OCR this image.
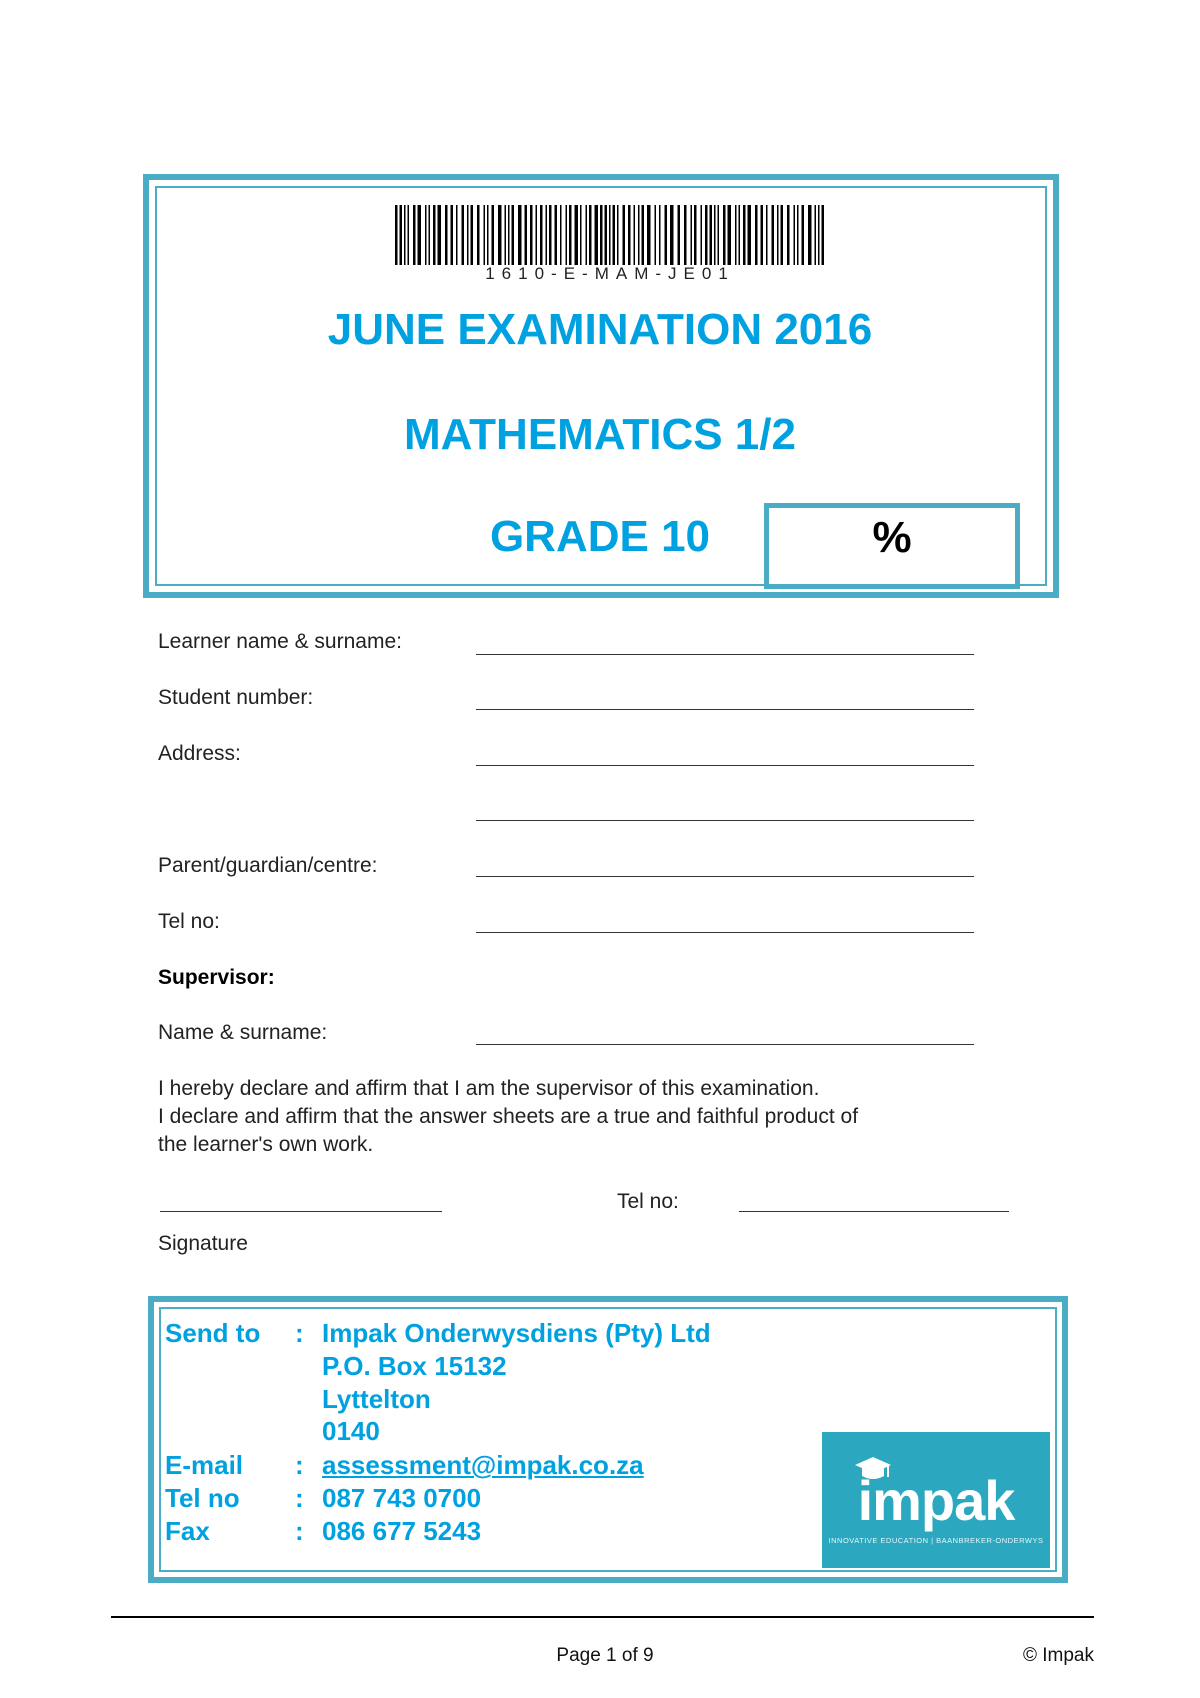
1610-E-MAM-JE01
JUNE EXAMINATION 2016
MATHEMATICS 1/2
GRADE 10	%
Learner name & surname:
Student number:
Address:
Parent/guardian/centre:
Tel no:
Supervisor:
Name & surname:
I hereby declare and affirm that I am the supervisor of this examination.
I declare and affirm that the answer sheets are a true and faithful product of
the learner's own work.
Tel no:
Signature
Send to : Impak Onderwysdiens (Pty) Ltd
P.O. Box 15132
Lyttelton
0140
E-mail : assessment@impak.co.za
Tel no : 087 743 0700
Fax	: 086 677 5243	impak
INNOVATIVE EDUCATION | BAANBREKER-ONDERWYS
Page 1 of 9	© Impak
